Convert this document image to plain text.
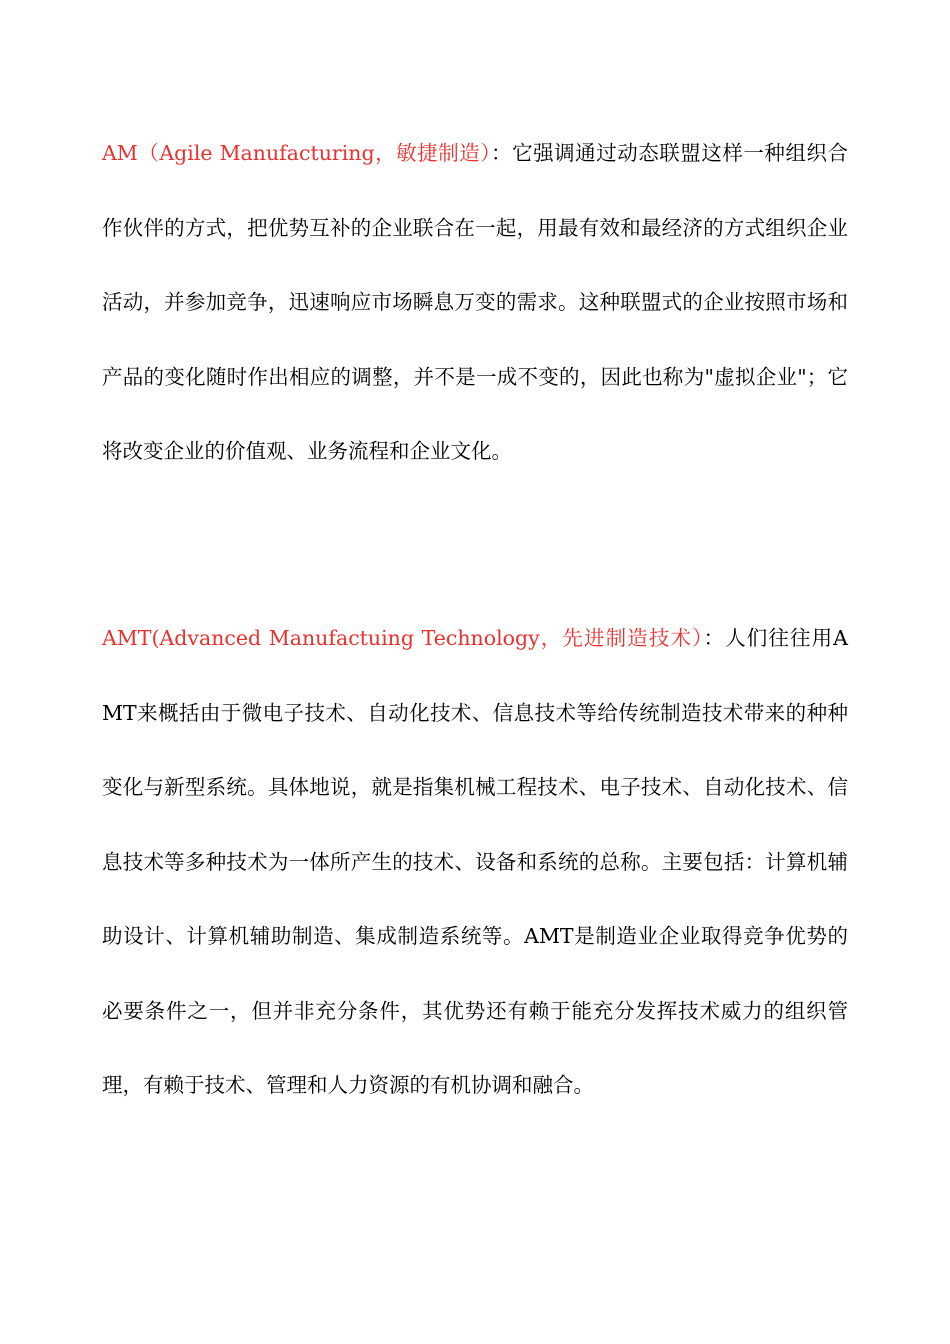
AM（Agile Manufacturing，敏捷制造）：它强调通过动态联盟这样一种组织合作伙伴的方式，把优势互补的企业联合在一起，用最有效和最经济的方式组织企业活动，并参加竞争，迅速响应市场瞬息万变的需求。这种联盟式的企业按照市场和产品的变化随时作出相应的调整，并不是一成不变的，因此也称为"虚拟企业"；它将改变企业的价值观、业务流程和企业文化。

AMT(Advanced Manufactuing Technology，先进制造技术）：人们往往用AMT来概括由于微电子技术、自动化技术、信息技术等给传统制造技术带来的种种变化与新型系统。具体地说，就是指集机械工程技术、电子技术、自动化技术、信息技术等多种技术为一体所产生的技术、设备和系统的总称。主要包括：计算机辅助设计、计算机辅助制造、集成制造系统等。AMT是制造业企业取得竞争优势的必要条件之一，但并非充分条件，其优势还有赖于能充分发挥技术威力的组织管理，有赖于技术、管理和人力资源的有机协调和融合。
